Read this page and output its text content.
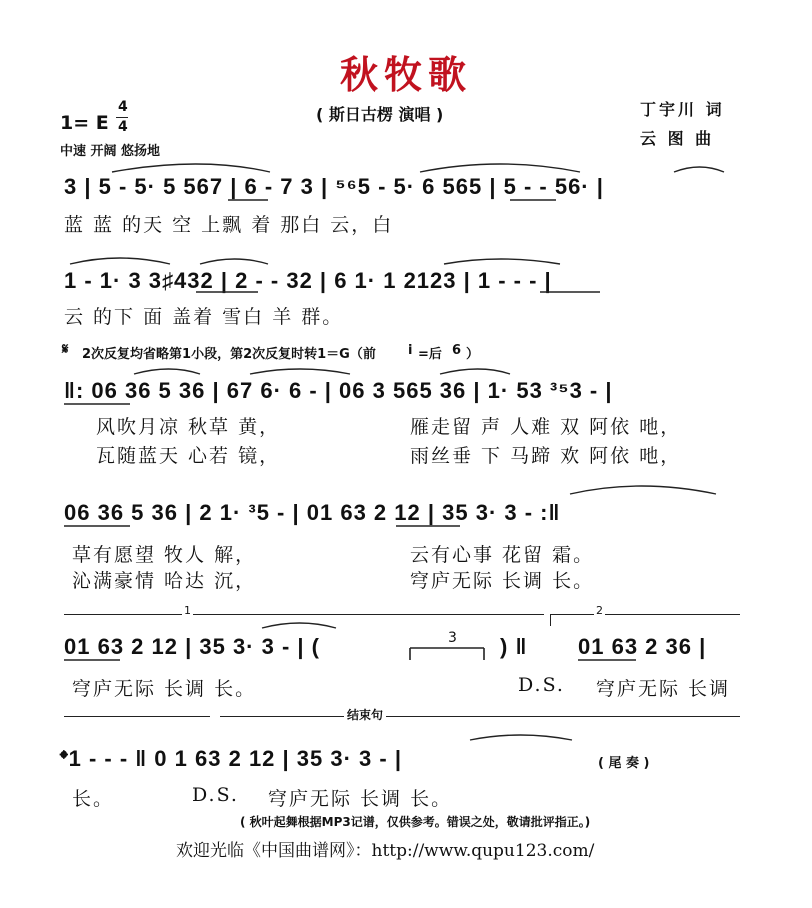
秋牧歌
1= E
4
4
中速 开阔 悠扬地
( 斯日古楞 演唱 )	丁宇川 词
云 图 曲
3 | 5 - 5· 5 567 | 6 - 7 3 | ⁵⁶5 - 5· 6 565 | 5 - - 56· |
蓝 蓝 的天 空 上飘 着 那白 云，白
1 - 1· 3 3♯432 | 2 - - 32 | 6 1· 1 2123 | 1 - - - |
云 的下 面 盖着 雪白 羊 群。
𝄋 2次反复均省略第1小段，第2次反复时转1＝G（前 i =后 6 ）
‖: 06 36 5 36 | 67 6· 6 - | 06 3 565 36 | 1· 53 ³⁵3 - |
风吹月凉 秋草 黄，	雁走留 声 人难 双 阿依 吔，
瓦随蓝天 心若 镜，	雨丝垂 下 马蹄 欢 阿依 吔，
06 36 5 36 | 2 1· ³5 - | 01 63 2 12 | 35 3· 3 - :‖
草有愿望 牧人 解，	云有心事 花留 霜。
沁满豪情 哈达 沉，	穹庐无际 长调 长。
1	2
01 63 2 12 | 35 3· 3 - | (	3 ) ‖ 01 63 2 36 |
穹庐无际 长调 长。	D.S. 穹庐无际 长调
结束句
𝄌1 - - - ‖ 0 1 63 2 12 | 35 3· 3 - |	( 尾 奏 )
长。	D.S. 穹庐无际 长调 长。
( 秋叶起舞根据MP3记谱，仅供参考。错误之处，敬请批评指正。)
欢迎光临《中国曲谱网》：http://www.qupu123.com/
